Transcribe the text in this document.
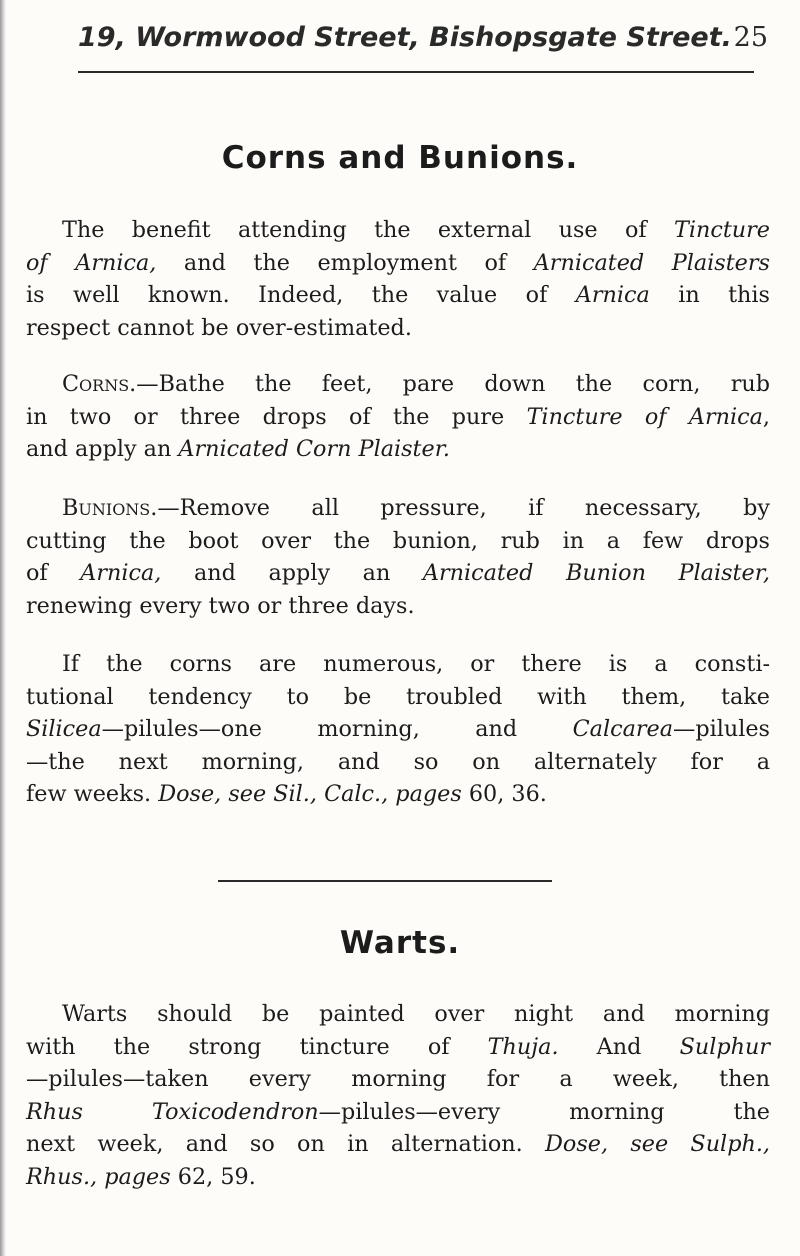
19, Wormwood Street, Bishopsgate Street. 25
Corns and Bunions.

The benefit attending the external use of Tincture
of Arnica, and the employment of Arnicated Plaisters
is well known. Indeed, the value of Arnica in this
respect cannot be over-estimated.

Corns.—Bathe the feet, pare down the corn, rub
in two or three drops of the pure Tincture of Arnica,
and apply an Arnicated Corn Plaister.

Bunions.—Remove all pressure, if necessary, by
cutting the boot over the bunion, rub in a few drops
of Arnica, and apply an Arnicated Bunion Plaister,
renewing every two or three days.

If the corns are numerous, or there is a consti-
tutional tendency to be troubled with them, take
Silicea—pilules—one morning, and Calcarea—pilules
—the next morning, and so on alternately for a
few weeks. Dose, see Sil., Calc., pages 60, 36.

Warts.

Warts should be painted over night and morning
with the strong tincture of Thuja. And Sulphur
—pilules—taken every morning for a week, then
Rhus Toxicodendron—pilules—every morning the
next week, and so on in alternation. Dose, see Sulph.,
Rhus., pages 62, 59.
